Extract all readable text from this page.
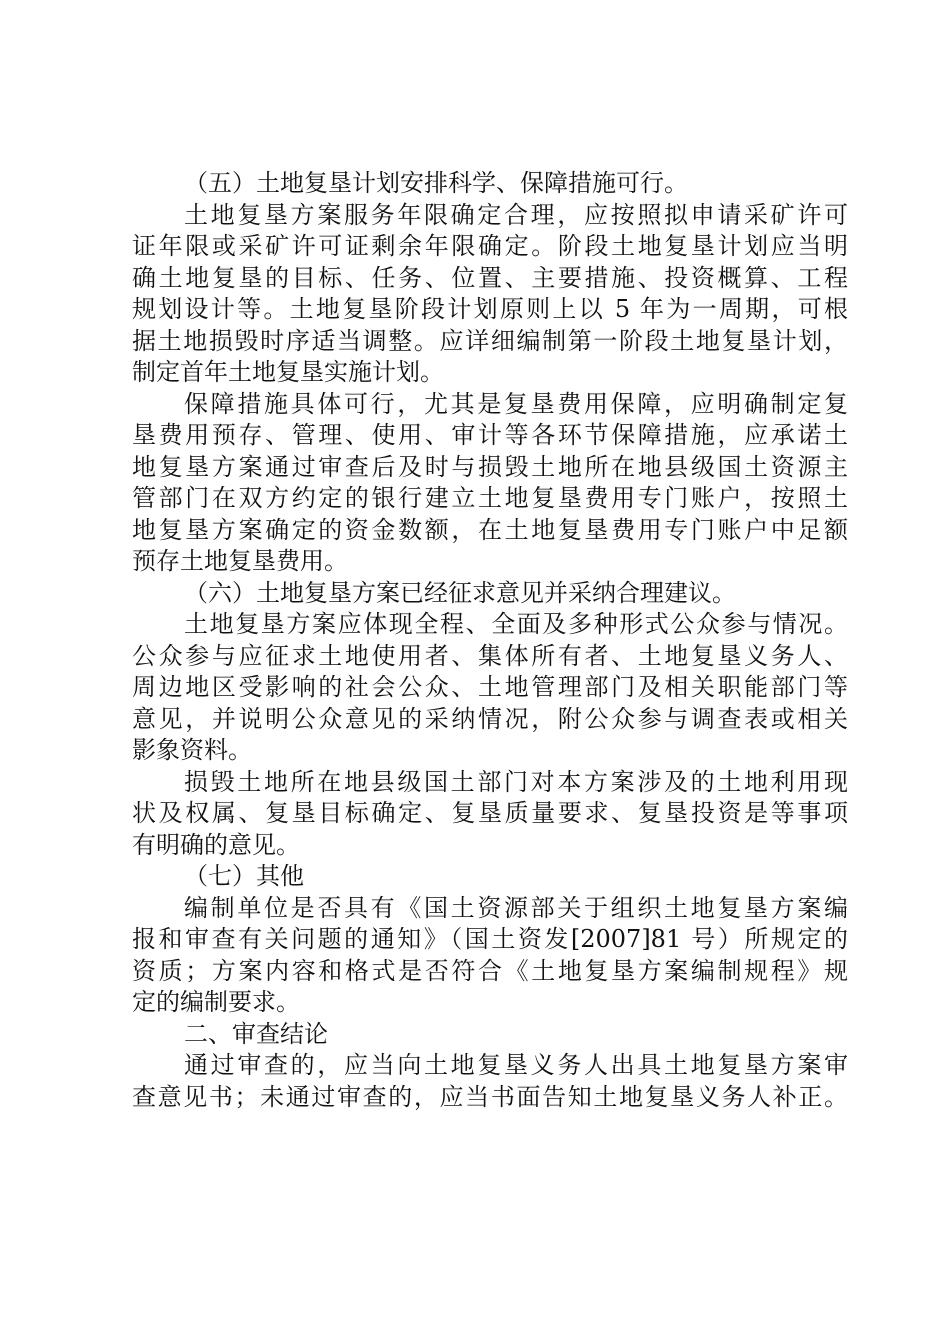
（五）土地复垦计划安排科学、保障措施可行。
土地复垦方案服务年限确定合理，应按照拟申请采矿许可
证年限或采矿许可证剩余年限确定。阶段土地复垦计划应当明
确土地复垦的目标、任务、位置、主要措施、投资概算、工程
规划设计等。土地复垦阶段计划原则上以 5 年为一周期，可根
据土地损毁时序适当调整。应详细编制第一阶段土地复垦计划，
制定首年土地复垦实施计划。
保障措施具体可行，尤其是复垦费用保障，应明确制定复
垦费用预存、管理、使用、审计等各环节保障措施，应承诺土
地复垦方案通过审查后及时与损毁土地所在地县级国土资源主
管部门在双方约定的银行建立土地复垦费用专门账户，按照土
地复垦方案确定的资金数额，在土地复垦费用专门账户中足额
预存土地复垦费用。
（六）土地复垦方案已经征求意见并采纳合理建议。
土地复垦方案应体现全程、全面及多种形式公众参与情况。
公众参与应征求土地使用者、集体所有者、土地复垦义务人、
周边地区受影响的社会公众、土地管理部门及相关职能部门等
意见，并说明公众意见的采纳情况，附公众参与调查表或相关
影象资料。
损毁土地所在地县级国土部门对本方案涉及的土地利用现
状及权属、复垦目标确定、复垦质量要求、复垦投资是等事项
有明确的意见。
（七）其他
编制单位是否具有《国土资源部关于组织土地复垦方案编
报和审查有关问题的通知》（国土资发[2007]81 号）所规定的
资质；方案内容和格式是否符合《土地复垦方案编制规程》规
定的编制要求。
二、审查结论
通过审查的，应当向土地复垦义务人出具土地复垦方案审
查意见书；未通过审查的，应当书面告知土地复垦义务人补正。
